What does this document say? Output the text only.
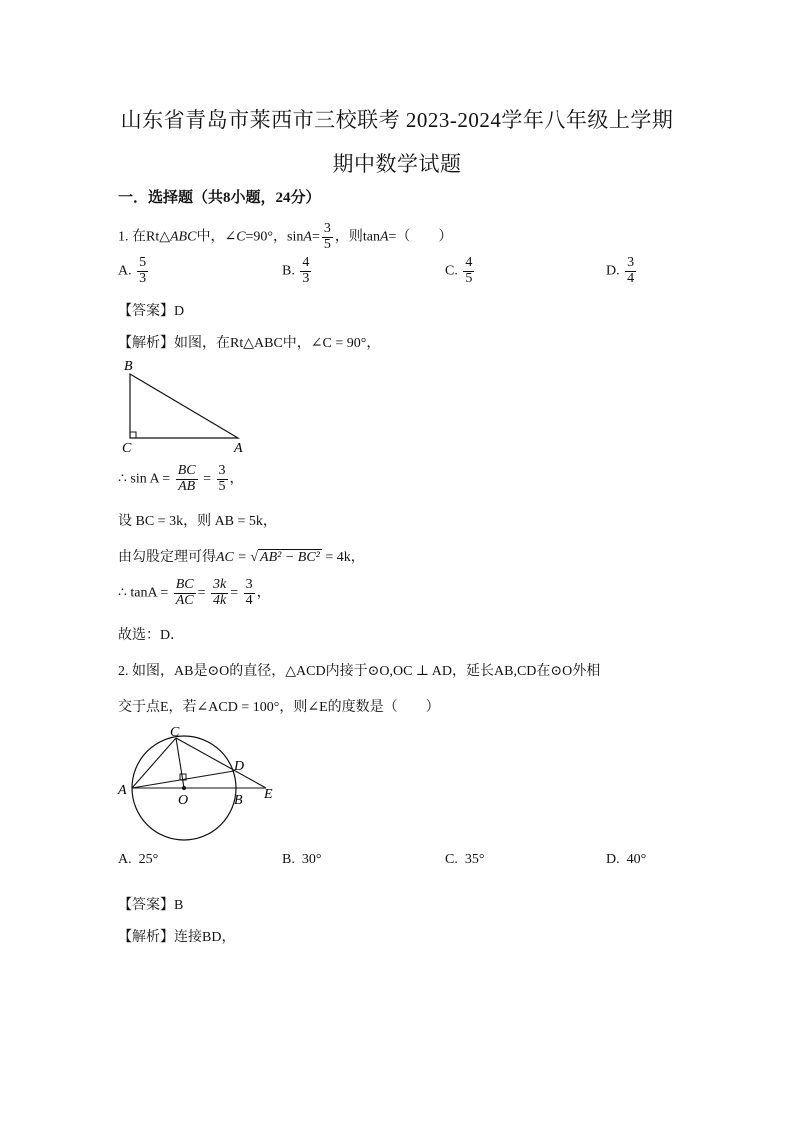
山东省青岛市莱西市三校联考 2023-2024学年八年级上学期
期中数学试题
一．选择题（共8小题，24分）
1. 在Rt△ABC中，∠C=90°，$\sin A= \frac{3}{5}$ ，则tanA=（　　）
A. $\frac{5}{3}$	B. $\frac{4}{3}$	C. $\frac{4}{5}$	D. $\frac{3}{4}$
【答案】D
【解析】如图，在Rt△ABC中，∠C = 90°，
B
C	A
∴ $\sin A = \frac{BC}{AB} = \frac{3}{5}$ ，
设 BC = 3k，则 AB = 5k，
由勾股定理可得AC = √ AB² − BC² = 4k，
∴ $\tan A = \frac{BC}{AC} = \frac{3k}{4k} = \frac{3}{4}$ ，
故选：D．
2. 如图，AB是⊙O的直径，△ACD内接于⊙O,OC ⊥ AD，延长AB,CD在⊙O外相
交于点E，若∠ACD = 100°，则∠E的度数是（　　）
C
D
A
O	B E
A. 25°	B. 30°	C. 35°	D. 40°
【答案】B
【解析】连接BD，
